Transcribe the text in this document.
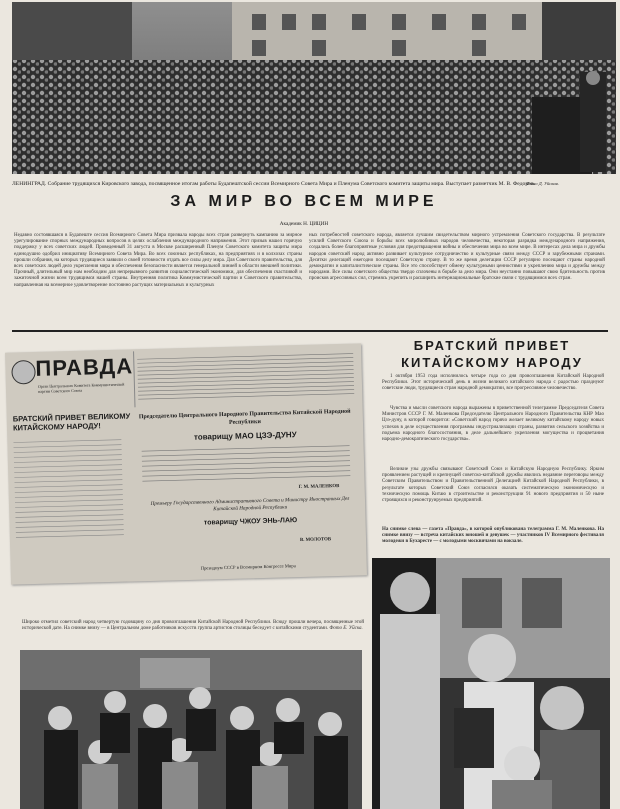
ЛЕНИНГРАД. Собрание трудящихся Кировского завода, посвященное итогам работы Будапештской сессии Всемирного Совета Мира и Пленума Советского комитета защиты мира. Выступает разметчик М. В. Федоров.
Фото Д. Уйская.
ЗА МИР ВО ВСЕМ МИРЕ
Академик Н. ЦИЦИН
Недавно состоявшаяся в Будапеште сессия Всемирного Совета Мира призвала народы всех стран развернуть кампанию за мирное урегулирование спорных международных вопросов в целях ослабления международного напряжения. Этот призыв нашел горячую поддержку у всех советских людей. Проведенный 31 августа в Москве расширенный Пленум Советского комитета защиты мира единодушно одобрил инициативу Всемирного Совета Мира. Во всех союзных республиках, на предприятиях и в колхозах страны прошли собрания, на которых трудящиеся заявили о своей готовности отдать все силы делу мира. Для Советского правительства, для всех советских людей дело укрепления мира и обеспечения безопасности является генеральной линией в области внешней политики. Прочный, длительный мир нам необходим для непрерывного развития социалистической экономики, для обеспечения счастливой и зажиточной жизни всем трудящимся нашей страны. Внутренняя политика Коммунистической партии и Советского правительства, направленная на всемерное удовлетворение постоянно растущих материальных и культурных
ных потребностей советского народа, является лучшим свидетельством мирного устремления Советского государства. В результате усилий Советского Союза и борьбы всех миролюбивых народов человечества, некоторая разрядка международного напряжения, создались более благоприятные условия для предотвращения войны и обеспечения мира во всем мире. В интересах дела мира и дружбы народов советский народ активно развивает культурное сотрудничество и культурные связи между СССР и зарубежными странами. Десятки делегаций ежегодно посещают Советскую страну. В то же время делегации СССР регулярно посещают страны народной демократии и капиталистические страны. Все это способствует обмену культурными ценностями и укреплению мира и дружбы между народами. Все силы советского общества твердо сплочены в борьбе за дело мира. Они неустанно повышают свою бдительность против происков агрессивных сил, стремясь укрепить и расширить интернациональные братские связи с трудящимися всех стран.
ПРАВДА
Орган Центрального Комитета Коммунистической партии Советского Союза
БРАТСКИЙ ПРИВЕТ ВЕЛИКОМУ КИТАЙСКОМУ НАРОДУ!
Председателю Центрального Народного Правительства Китайской Народной Республики
товарищу МАО ЦЗЭ-ДУНУ
Г. М. МАЛЕНКОВ
Премьеру Государственного Административного Совета и Министру Иностранных Дел Китайской Народной Республики
товарищу ЧЖОУ ЭНЬ-ЛАЮ
В. МОЛОТОВ
Президиум СССР в Всемирном Конгрессе Мира
БРАТСКИЙ ПРИВЕТ
КИТАЙСКОМУ НАРОДУ
1 октября 1953 года исполнилось четыре года со дня провозглашения Китайской Народной Республики. Этот исторический день в жизни великого китайского народа с радостью празднуют советские люди, трудящиеся стран народной демократии, все прогрессивное человечество.
Чувства и мысли советского народа выражены в приветственной телеграмме Председателя Совета Министров СССР Г. М. Маленкова Председателю Центрального Народного Правительства КНР Мао Цзэ-дуну, в которой говорится: «Советский народ горячо желает великому китайскому народу новых успехов в деле осуществления программы индустриализации страны, развития сельского хозяйства и подъема народного благосостояния, в деле дальнейшего укрепления могущества и процветания народно-демократического государства».
Великие узы дружбы связывают Советский Союз и Китайскую Народную Республику. Ярким проявлением растущей и крепнущей советско-китайской дружбы явились недавние переговоры между Советским Правительством и Правительственной Делегацией Китайской Народной Республики, в результате которых Советский Союз согласился оказать систематическую экономическую и техническую помощь Китаю в строительстве и реконструкции 91 нового предприятия и 50 ныне строящихся и реконструируемых предприятий.
На снимке слева — газета «Правда», в которой опубликована телеграмма Г. М. Маленкова. На снимке внизу — встреча китайских юношей и девушек — участников IV Всемирного фестиваля молодежи в Бухаресте — с молодыми москвичами на вокзале.
Широко отметил советский народ четвертую годовщину со дня провозглашения Китайской Народной Республики. Всюду прошли вечера, посвященные этой исторической дате. На снимке внизу — в Центральном доме работников искусств группа артистов столицы беседует с китайскими студентами. Фото Е. Уйска.
